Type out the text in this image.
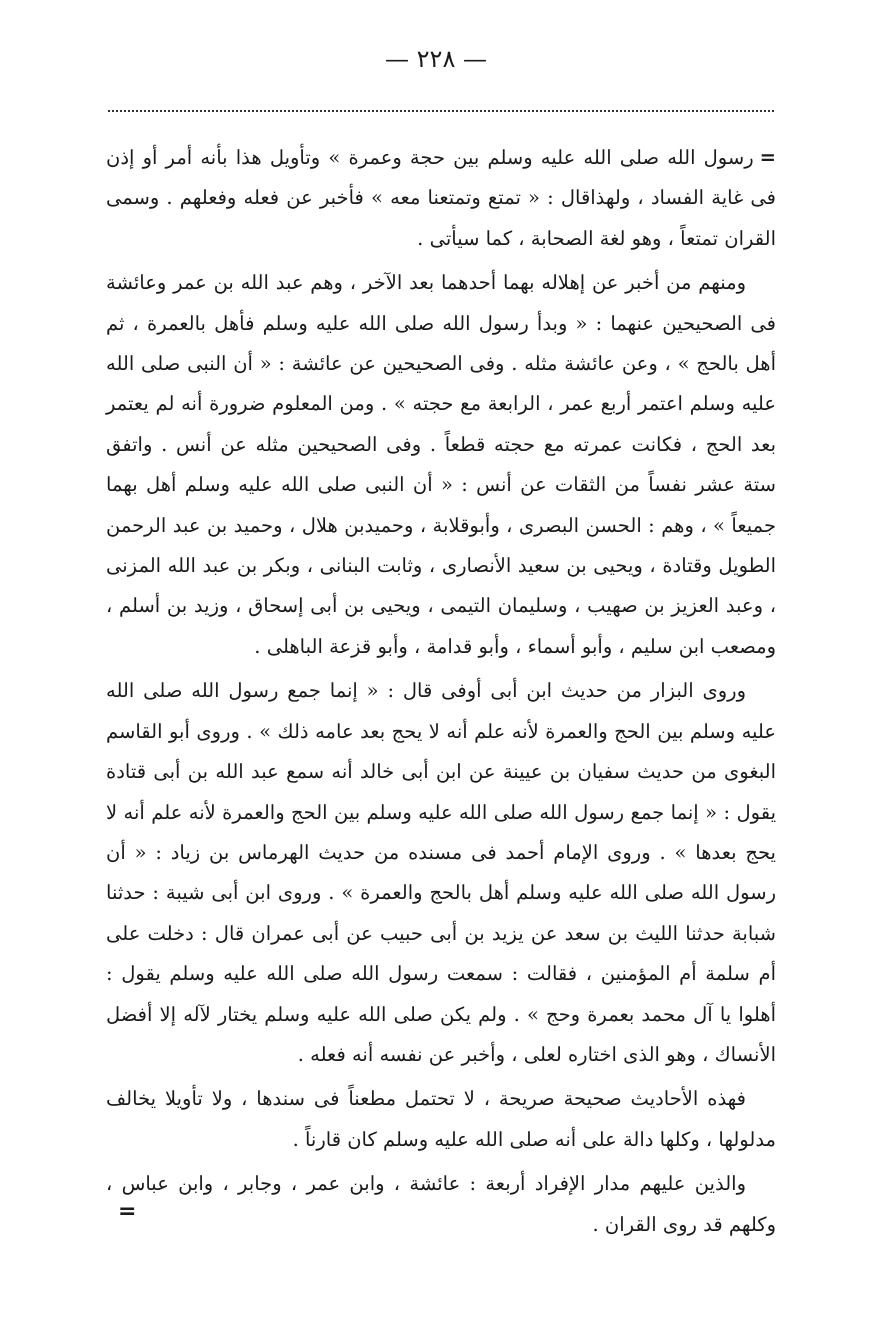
— ٢٢٨ —

=رسول الله صلى الله عليه وسلم بين حجة وعمرة » وتأويل هذا بأنه أمر أو إذن فى غاية الفساد ، ولهذاقال : « تمتع وتمتعنا معه » فأخبر عن فعله وفعلهم . وسمى القران تمتعاً ، وهو لغة الصحابة ، كما سيأتى .

ومنهم من أخبر عن إهلاله بهما أحدهما بعد الآخر ، وهم عبد الله بن عمر وعائشة فى الصحيحين عنهما : « وبدأ رسول الله صلى الله عليه وسلم فأهل بالعمرة ، ثم أهل بالحج » ، وعن عائشة مثله . وفى الصحيحين عن عائشة : « أن النبى صلى الله عليه وسلم اعتمر أربع عمر ، الرابعة مع حجته » . ومن المعلوم ضرورة أنه لم يعتمر بعد الحج ، فكانت عمرته مع حجته قطعاً . وفى الصحيحين مثله عن أنس . واتفق ستة عشر نفساً من الثقات عن أنس : « أن النبى صلى الله عليه وسلم أهل بهما جميعاً » ، وهم : الحسن البصرى ، وأبوقلابة ، وحميدبن هلال ، وحميد بن عبد الرحمن الطويل وقتادة ، ويحيى بن سعيد الأنصارى ، وثابت البنانى ، وبكر بن عبد الله المزنى ، وعبد العزيز بن صهيب ، وسليمان التيمى ، ويحيى بن أبى إسحاق ، وزيد بن أسلم ، ومصعب ابن سليم ، وأبو أسماء ، وأبو قدامة ، وأبو قزعة الباهلى .

وروى البزار من حديث ابن أبى أوفى قال : « إنما جمع رسول الله صلى الله عليه وسلم بين الحج والعمرة لأنه علم أنه لا يحج بعد عامه ذلك » . وروى أبو القاسم البغوى من حديث سفيان بن عيينة عن ابن أبى خالد أنه سمع عبد الله بن أبى قتادة يقول : « إنما جمع رسول الله صلى الله عليه وسلم بين الحج والعمرة لأنه علم أنه لا يحج بعدها » . وروى الإمام أحمد فى مسنده من حديث الهرماس بن زياد : « أن رسول الله صلى الله عليه وسلم أهل بالحج والعمرة » . وروى ابن أبى شيبة : حدثنا شبابة حدثنا الليث بن سعد عن يزيد بن أبى حبيب عن أبى عمران قال : دخلت على أم سلمة أم المؤمنين ، فقالت : سمعت رسول الله صلى الله عليه وسلم يقول : أهلوا يا آل محمد بعمرة وحج » . ولم يكن صلى الله عليه وسلم يختار لآله إلا أفضل الأنساك ، وهو الذى اختاره لعلى ، وأخبر عن نفسه أنه فعله .

فهذه الأحاديث صحيحة صريحة ، لا تحتمل مطعناً فى سندها ، ولا تأويلا يخالف مدلولها ، وكلها دالة على أنه صلى الله عليه وسلم كان قارناً .

والذين عليهم مدار الإفراد أربعة : عائشة ، وابن عمر ، وجابر ، وابن عباس ، وكلهم قد روى القران .

=
